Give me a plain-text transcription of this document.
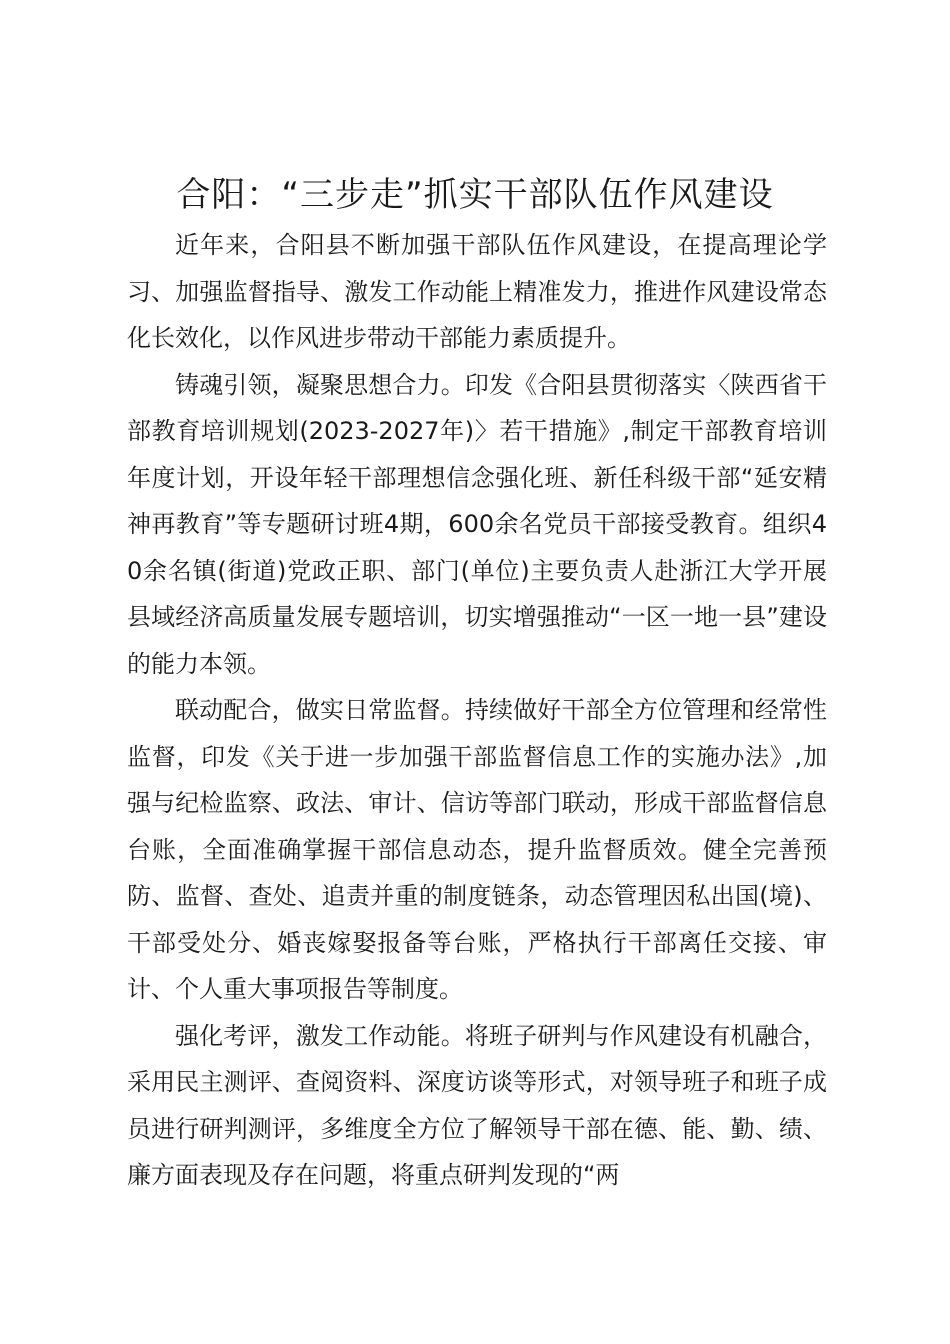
合阳：“三步走”抓实干部队伍作风建设

近年来，合阳县不断加强干部队伍作风建设，在提高理论学习、加强监督指导、激发工作动能上精准发力，推进作风建设常态化长效化，以作风进步带动干部能力素质提升。

铸魂引领，凝聚思想合力。印发《合阳县贯彻落实〈陕西省干部教育培训规划(2023-2027年)〉若干措施》,制定干部教育培训年度计划，开设年轻干部理想信念强化班、新任科级干部“延安精神再教育”等专题研讨班4期，600余名党员干部接受教育。组织40余名镇(街道)党政正职、部门(单位)主要负责人赴浙江大学开展县域经济高质量发展专题培训，切实增强推动“一区一地一县”建设的能力本领。

联动配合，做实日常监督。持续做好干部全方位管理和经常性监督，印发《关于进一步加强干部监督信息工作的实施办法》,加强与纪检监察、政法、审计、信访等部门联动，形成干部监督信息台账，全面准确掌握干部信息动态，提升监督质效。健全完善预防、监督、查处、追责并重的制度链条，动态管理因私出国(境)、干部受处分、婚丧嫁娶报备等台账，严格执行干部离任交接、审计、个人重大事项报告等制度。

强化考评，激发工作动能。将班子研判与作风建设有机融合，采用民主测评、查阅资料、深度访谈等形式，对领导班子和班子成员进行研判测评，多维度全方位了解领导干部在德、能、勤、绩、廉方面表现及存在问题，将重点研判发现的“两
